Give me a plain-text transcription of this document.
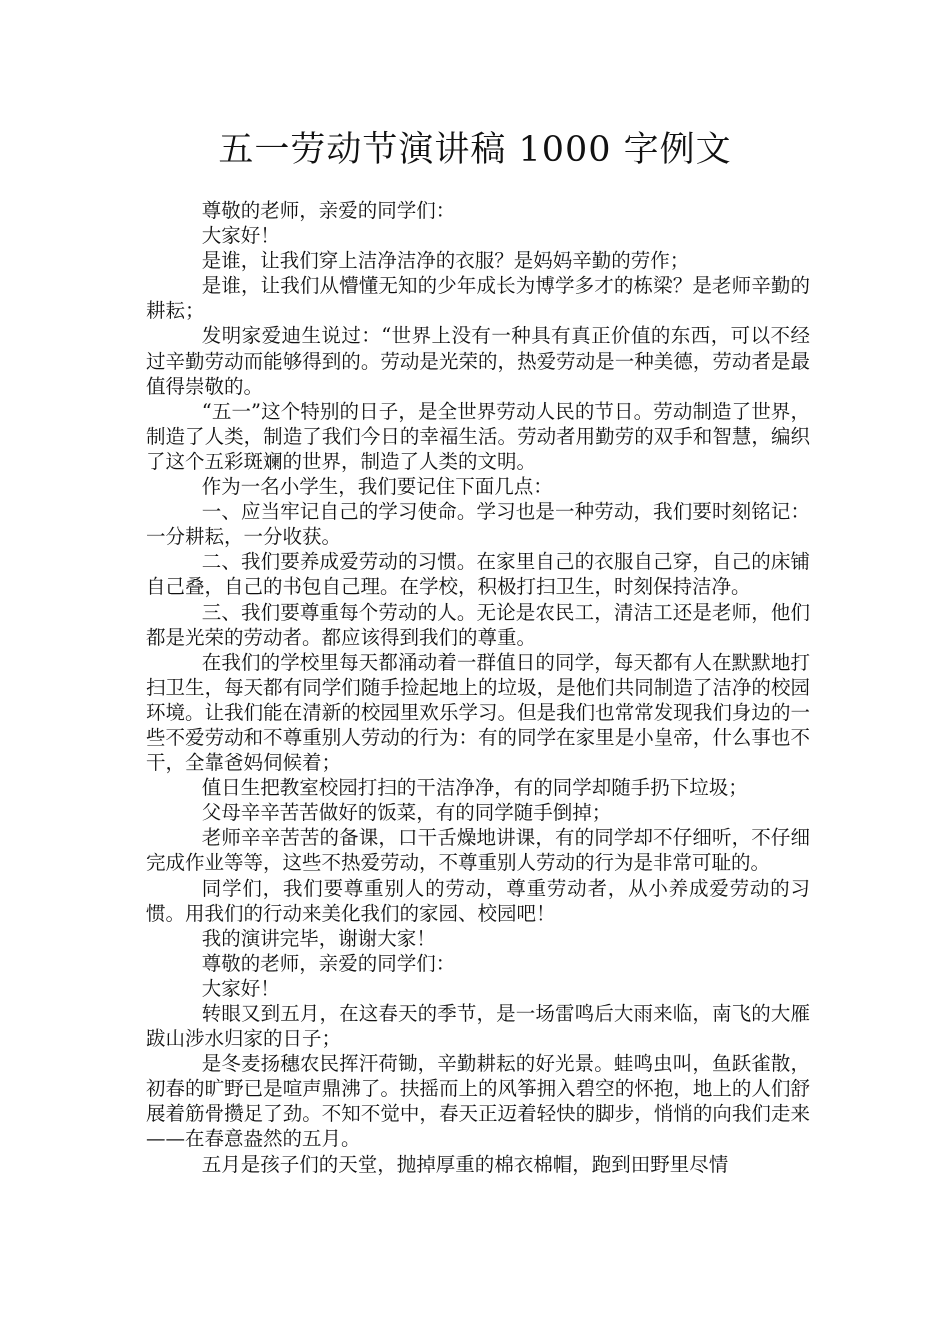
五一劳动节演讲稿 1000 字例文

尊敬的老师，亲爱的同学们：

大家好！

是谁，让我们穿上洁净洁净的衣服？是妈妈辛勤的劳作；

是谁，让我们从懵懂无知的少年成长为博学多才的栋梁？是老师辛勤的耕耘；

发明家爱迪生说过：“世界上没有一种具有真正价值的东西，可以不经过辛勤劳动而能够得到的。劳动是光荣的，热爱劳动是一种美德，劳动者是最值得崇敬的。

“五一”这个特别的日子，是全世界劳动人民的节日。劳动制造了世界，制造了人类，制造了我们今日的幸福生活。劳动者用勤劳的双手和智慧，编织了这个五彩斑斓的世界，制造了人类的文明。

作为一名小学生，我们要记住下面几点：

一、应当牢记自己的学习使命。学习也是一种劳动，我们要时刻铭记：一分耕耘，一分收获。

二、我们要养成爱劳动的习惯。在家里自己的衣服自己穿，自己的床铺自己叠，自己的书包自己理。在学校，积极打扫卫生，时刻保持洁净。

三、我们要尊重每个劳动的人。无论是农民工，清洁工还是老师，他们都是光荣的劳动者。都应该得到我们的尊重。

在我们的学校里每天都涌动着一群值日的同学，每天都有人在默默地打扫卫生，每天都有同学们随手捡起地上的垃圾，是他们共同制造了洁净的校园环境。让我们能在清新的校园里欢乐学习。但是我们也常常发现我们身边的一些不爱劳动和不尊重别人劳动的行为：有的同学在家里是小皇帝，什么事也不干，全靠爸妈伺候着；

值日生把教室校园打扫的干洁净净，有的同学却随手扔下垃圾；

父母辛辛苦苦做好的饭菜，有的同学随手倒掉；

老师辛辛苦苦的备课，口干舌燥地讲课，有的同学却不仔细听，不仔细完成作业等等，这些不热爱劳动，不尊重别人劳动的行为是非常可耻的。

同学们，我们要尊重别人的劳动，尊重劳动者，从小养成爱劳动的习惯。用我们的行动来美化我们的家园、校园吧！

我的演讲完毕，谢谢大家！

尊敬的老师，亲爱的同学们：

大家好！

转眼又到五月，在这春天的季节，是一场雷鸣后大雨来临，南飞的大雁跋山涉水归家的日子；

是冬麦扬穗农民挥汗荷锄，辛勤耕耘的好光景。蛙鸣虫叫，鱼跃雀散，初春的旷野已是喧声鼎沸了。扶摇而上的风筝拥入碧空的怀抱，地上的人们舒展着筋骨攒足了劲。不知不觉中，春天正迈着轻快的脚步，悄悄的向我们走来——在春意盎然的五月。

五月是孩子们的天堂，抛掉厚重的棉衣棉帽，跑到田野里尽情
